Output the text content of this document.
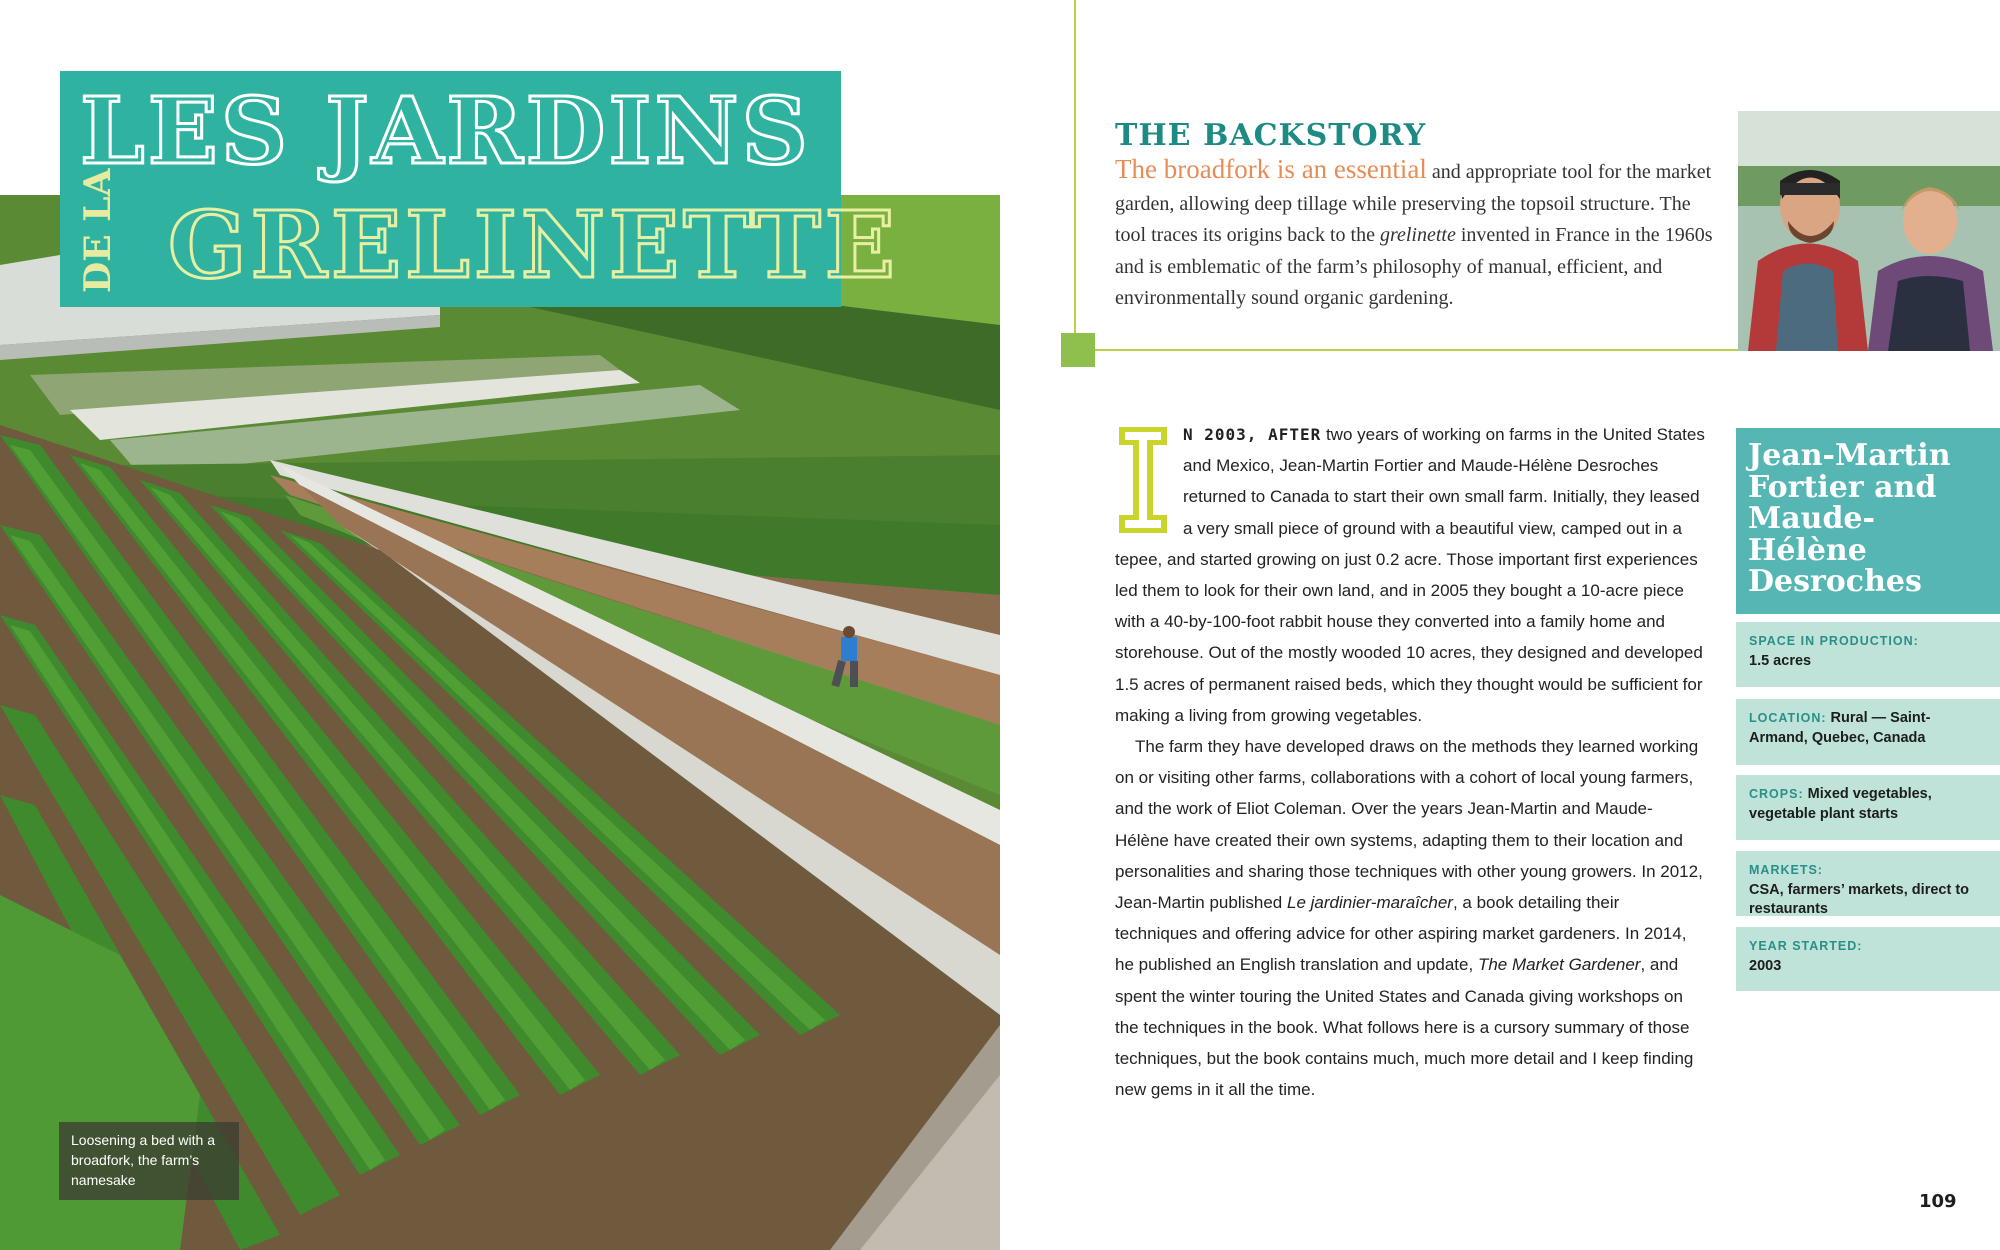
LES JARDINS
DE LA GRELINETTE
Loosening a bed with a broadfork, the farm’s namesake
THE BACKSTORY
The broadfork is an essential and appropriate tool for the market garden, allowing deep tillage while preserving the topsoil structure. The tool traces its origins back to the grelinette invented in France in the 1960s and is emblematic of the farm’s philosophy of manual, efficient, and environmentally sound organic gardening.

N 2003, AFTER two years of working on farms in the United States and Mexico, Jean-Martin Fortier and Maude-Hélène Desroches returned to Canada to start their own small farm. Initially, they leased a very small piece of ground with a beautiful view, camped out in a tepee, and started growing on just 0.2 acre. Those important first experiences led them to look for their own land, and in 2005 they bought a 10-acre piece with a 40-by-100-foot rabbit house they converted into a family home and storehouse. Out of the mostly wooded 10 acres, they designed and developed 1.5 acres of permanent raised beds, which they thought would be sufficient for making a living from growing vegetables.

The farm they have developed draws on the methods they learned working on or visiting other farms, collaborations with a cohort of local young farmers, and the work of Eliot Coleman. Over the years Jean-Martin and Maude-Hélène have created their own systems, adapting them to their location and personalities and sharing those techniques with other young growers. In 2012, Jean-Martin published Le jardinier-maraîcher, a book detailing their techniques and offering advice for other aspiring market gardeners. In 2014, he published an English translation and update, The Market Gardener, and spent the winter touring the United States and Canada giving workshops on the techniques in the book. What follows here is a cursory summary of those techniques, but the book contains much, much more detail and I keep finding new gems in it all the time.

Jean-Martin Fortier and Maude-Hélène Desroches
SPACE IN PRODUCTION:
1.5 acres
LOCATION: Rural — Saint-Armand, Quebec, Canada
CROPS: Mixed vegetables, vegetable plant starts
MARKETS:
CSA, farmers’ markets, direct to restaurants
YEAR STARTED:
2003
109
